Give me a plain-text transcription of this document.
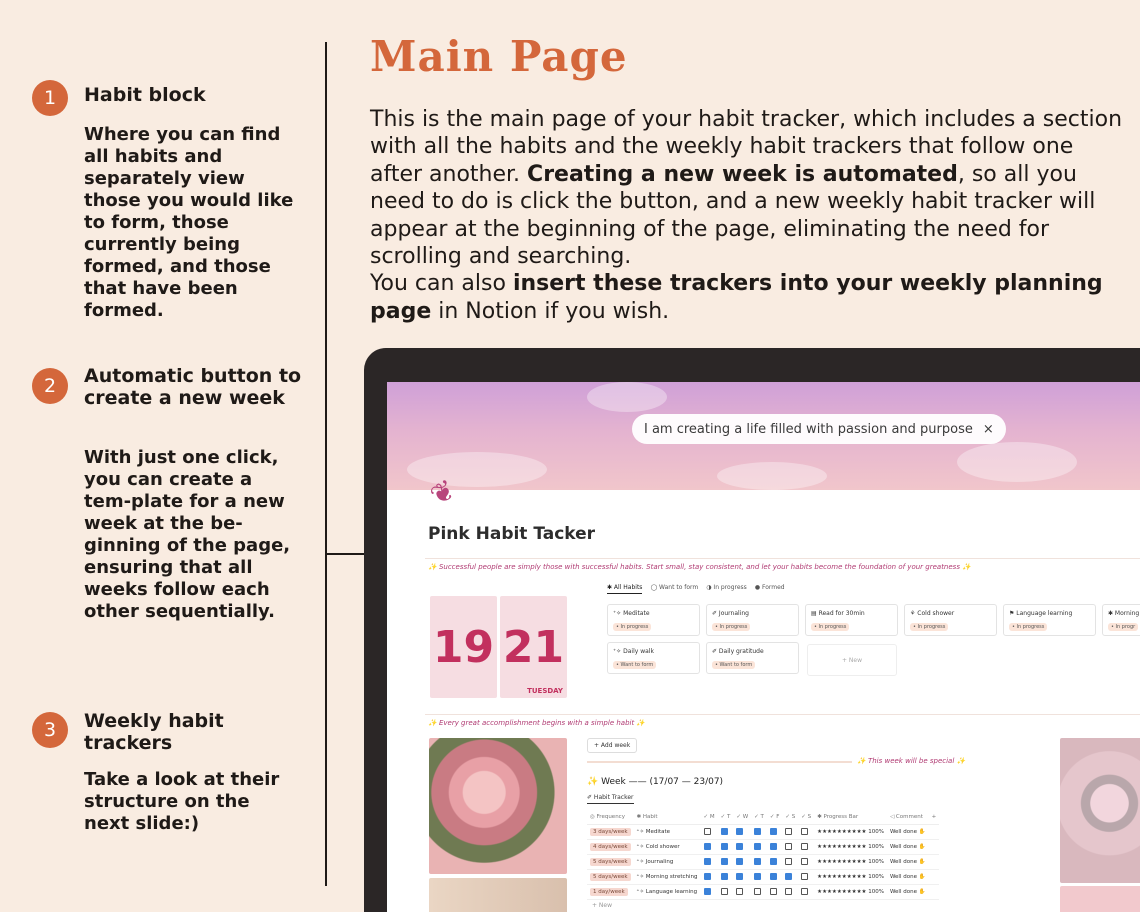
1	Habit block
Where you can find all habits and separately view those you would like to form, those currently being formed, and those that have been formed.
2	Automatic button to create a new week
With just one click, you can create a tem-plate for a new week at the be-ginning of the page, ensuring that all weeks follow each other sequentially.
3	Weekly habit trackers
Take a look at their structure on the next slide:)
Main Page
This is the main page of your habit tracker, which includes a section with all the habits and the weekly habit trackers that follow one after another. Creating a new week is automated, so all you need to do is click the button, and a new weekly habit tracker will appear at the beginning of the page, eliminating the need for scrolling and searching.
You can also insert these trackers into your weekly planning page in Notion if you wish.
I am creating a life filled with passion and purpose ×
❦
Pink Habit Tacker
✨ Successful people are simply those with successful habits. Start small, stay consistent, and let your habits become the foundation of your greatness ✨
19 21
TUESDAY
✱ All Habits ◯ Want to form ◑ In progress ● Formed
⁺✧ Meditate
• In progress
✐ Journaling
• In progress
▤ Read for 30min
• In progress
⚘ Cold shower
• In progress
⚑ Language learning
• In progress
✱ Morning
• In progr
⁺✧ Daily walk
• Want to form
✐ Daily gratitude
• Want to form
+ New
✨ Every great accomplishment begins with a simple habit ✨
+ Add week
✨ This week will be special ✨
✨ Week —— (17/07 — 23/07)
✐ Habit Tracker
◎ Frequency	✱ Habit	✓ M	✓ T	✓ W	✓ T	✓ F	✓ S	✓ S	✱ Progress Bar	◁ Comment	+
3 days/week	⁺✧ Meditate								★★★★★★★★★★ 100%	Well done ✋	
4 days/week	⁺✧ Cold shower								★★★★★★★★★★ 100%	Well done ✋	
5 days/week	⁺✧ Journaling								★★★★★★★★★★ 100%	Well done ✋	
5 days/week	⁺✧ Morning stretching								★★★★★★★★★★ 100%	Well done ✋	
1 day/week	⁺✧ Language learning								★★★★★★★★★★ 100%	Well done ✋	
+ New
